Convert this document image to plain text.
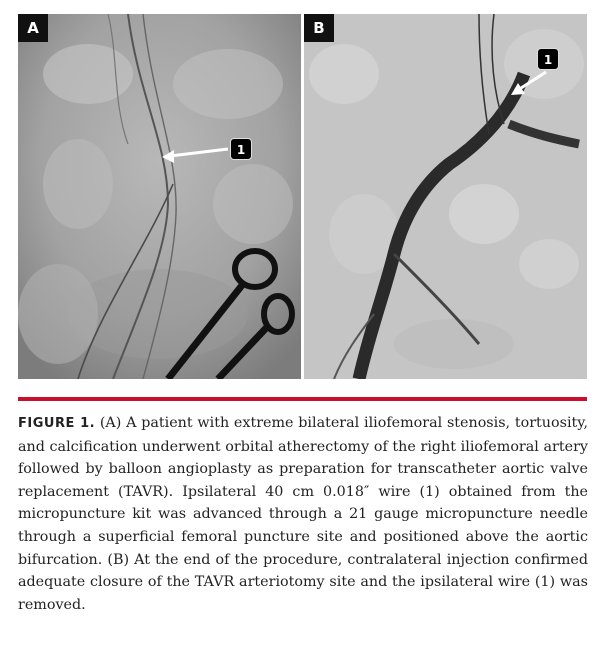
A
1
B
1

FIGURE 1. (A) A patient with extreme bilateral iliofemoral stenosis, tortuosity, and calcification underwent orbital atherectomy of the right iliofemoral artery followed by balloon angioplasty as preparation for transcatheter aortic valve replacement (TAVR). Ipsilateral 40 cm 0.018″ wire (1) obtained from the micropuncture kit was advanced through a 21 gauge micropuncture needle through a superficial femoral puncture site and positioned above the aortic bifurcation. (B) At the end of the procedure, contralateral injection confirmed adequate closure of the TAVR arteriotomy site and the ipsilateral wire (1) was removed.
